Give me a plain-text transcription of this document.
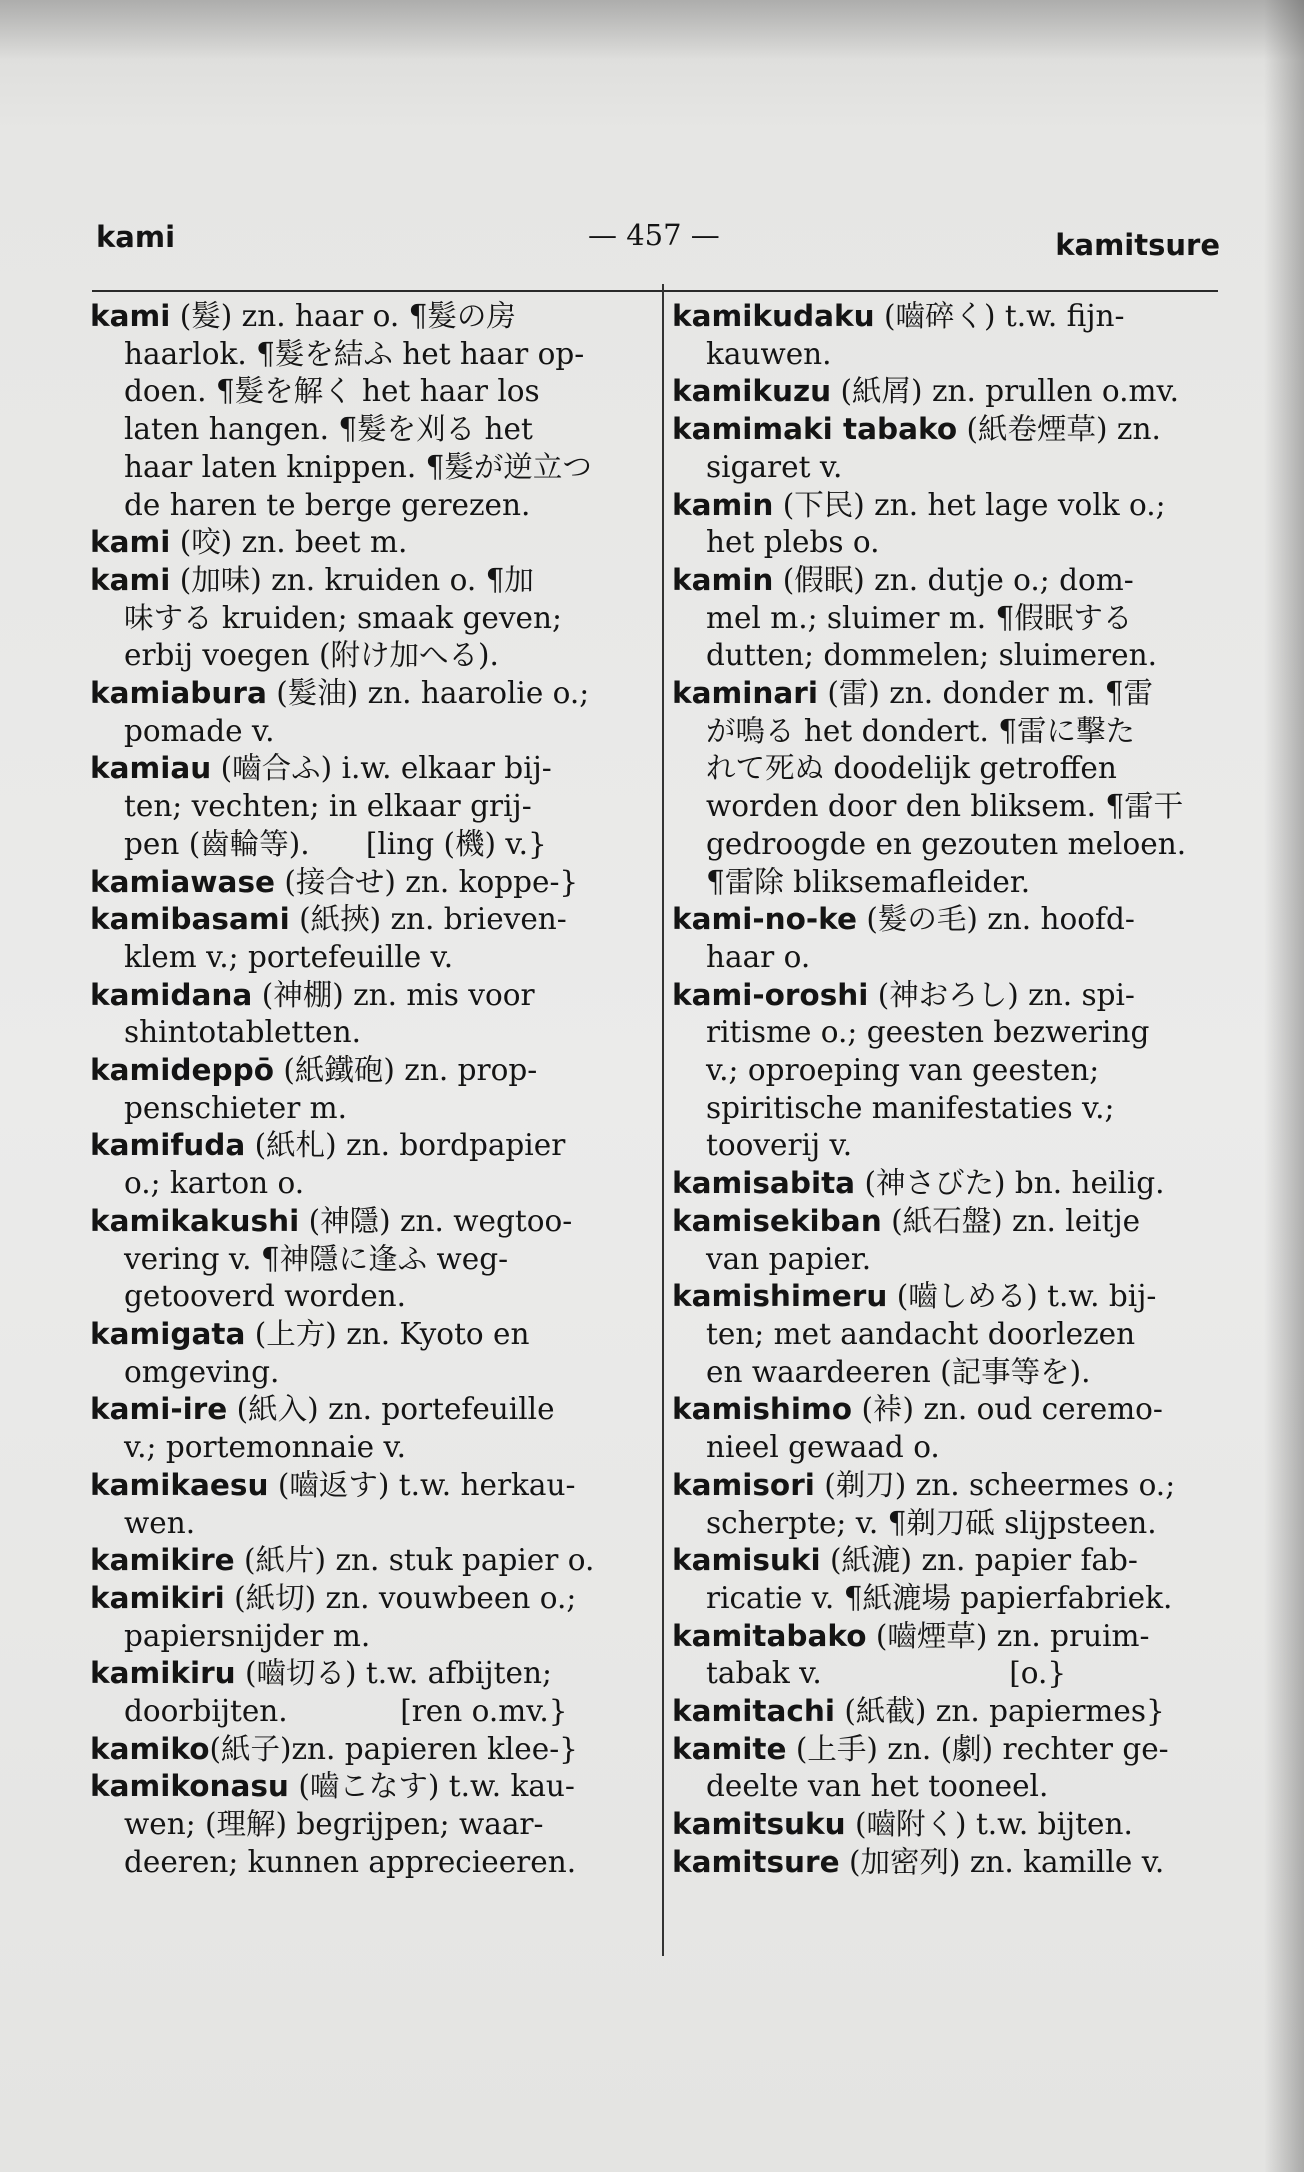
kami	— 457 —	kamitsure
kami (髮) zn. haar o. ¶髮の房
haarlok. ¶髮を結ふ het haar op-
doen. ¶髮を解く het haar los
laten hangen. ¶髮を刈る het
haar laten knippen. ¶髮が逆立つ
de haren te berge gerezen.
kami (咬) zn. beet m.
kami (加味) zn. kruiden o. ¶加
味する kruiden; smaak geven;
erbij voegen (附け加へる).
kamiabura (髮油) zn. haarolie o.;
pomade v.
kamiau (嚙合ふ) i.w. elkaar bij-
ten; vechten; in elkaar grij-
pen (齒輪等).      [ling (機) v.}
kamiawase (接合せ) zn. koppe-}
kamibasami (紙挾) zn. brieven-
klem v.; portefeuille v.
kamidana (神棚) zn. mis voor
shintotabletten.
kamideppō (紙鐵砲) zn. prop-
penschieter m.
kamifuda (紙札) zn. bordpapier
o.; karton o.
kamikakushi (神隱) zn. wegtoo-
vering v. ¶神隱に逢ふ weg-
getooverd worden.
kamigata (上方) zn. Kyoto en
omgeving.
kami-ire (紙入) zn. portefeuille
v.; portemonnaie v.
kamikaesu (嚙返す) t.w. herkau-
wen.
kamikire (紙片) zn. stuk papier o.
kamikiri (紙切) zn. vouwbeen o.;
papiersnijder m.
kamikiru (嚙切る) t.w. afbijten;
doorbijten.            [ren o.mv.}
kamiko(紙子)zn. papieren klee-}
kamikonasu (嚙こなす) t.w. kau-
wen; (理解) begrijpen; waar-
deeren; kunnen apprecieeren.
kamikudaku (嚙碎く) t.w. fijn-
kauwen.
kamikuzu (紙屑) zn. prullen o.mv.
kamimaki tabako (紙卷煙草) zn.
sigaret v.
kamin (下民) zn. het lage volk o.;
het plebs o.
kamin (假眠) zn. dutje o.; dom-
mel m.; sluimer m. ¶假眠する
dutten; dommelen; sluimeren.
kaminari (雷) zn. donder m. ¶雷
が鳴る het dondert. ¶雷に擊た
れて死ぬ doodelijk getroffen
worden door den bliksem. ¶雷干
gedroogde en gezouten meloen.
¶雷除 bliksemafleider.
kami-no-ke (髮の毛) zn. hoofd-
haar o.
kami-oroshi (神おろし) zn. spi-
ritisme o.; geesten bezwering
v.; oproeping van geesten;
spiritische manifestaties v.;
tooverij v.
kamisabita (神さびた) bn. heilig.
kamisekiban (紙石盤) zn. leitje
van papier.
kamishimeru (嚙しめる) t.w. bij-
ten; met aandacht doorlezen
en waardeeren (記事等を).
kamishimo (裃) zn. oud ceremo-
nieel gewaad o.
kamisori (剃刀) zn. scheermes o.;
scherpte; v. ¶剃刀砥 slijpsteen.
kamisuki (紙漉) zn. papier fab-
ricatie v. ¶紙漉場 papierfabriek.
kamitabako (嚙煙草) zn. pruim-
tabak v.                    [o.}
kamitachi (紙截) zn. papiermes}
kamite (上手) zn. (劇) rechter ge-
deelte van het tooneel.
kamitsuku (嚙附く) t.w. bijten.
kamitsure (加密列) zn. kamille v.
